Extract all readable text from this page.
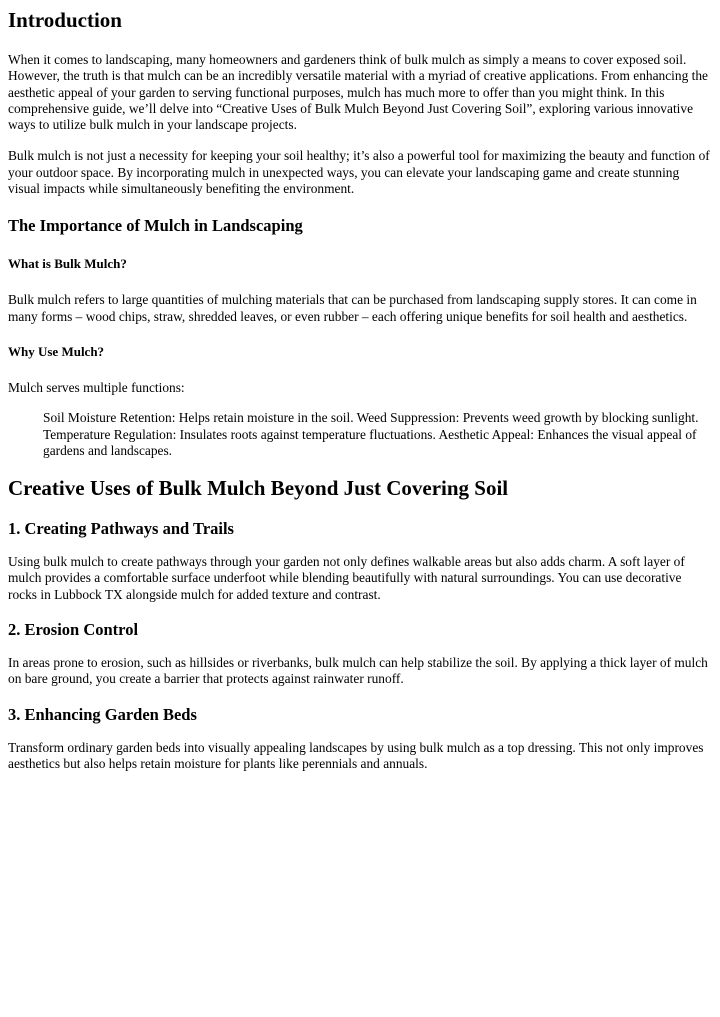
Introduction

When it comes to landscaping, many homeowners and gardeners think of bulk mulch as simply a means to cover exposed soil. However, the truth is that mulch can be an incredibly versatile material with a myriad of creative applications. From enhancing the aesthetic appeal of your garden to serving functional purposes, mulch has much more to offer than you might think. In this comprehensive guide, we’ll delve into “Creative Uses of Bulk Mulch Beyond Just Covering Soil”, exploring various innovative ways to utilize bulk mulch in your landscape projects.

Bulk mulch is not just a necessity for keeping your soil healthy; it’s also a powerful tool for maximizing the beauty and function of your outdoor space. By incorporating mulch in unexpected ways, you can elevate your landscaping game and create stunning visual impacts while simultaneously benefiting the environment.

The Importance of Mulch in Landscaping
What is Bulk Mulch?

Bulk mulch refers to large quantities of mulching materials that can be purchased from landscaping supply stores. It can come in many forms – wood chips, straw, shredded leaves, or even rubber – each offering unique benefits for soil health and aesthetics.

Why Use Mulch?

Mulch serves multiple functions:

Soil Moisture Retention: Helps retain moisture in the soil. Weed Suppression: Prevents weed growth by blocking sunlight. Temperature Regulation: Insulates roots against temperature fluctuations. Aesthetic Appeal: Enhances the visual appeal of gardens and landscapes.

Creative Uses of Bulk Mulch Beyond Just Covering Soil
1. Creating Pathways and Trails

Using bulk mulch to create pathways through your garden not only defines walkable areas but also adds charm. A soft layer of mulch provides a comfortable surface underfoot while blending beautifully with natural surroundings. You can use decorative rocks in Lubbock TX alongside mulch for added texture and contrast.

2. Erosion Control

In areas prone to erosion, such as hillsides or riverbanks, bulk mulch can help stabilize the soil. By applying a thick layer of mulch on bare ground, you create a barrier that protects against rainwater runoff.

3. Enhancing Garden Beds

Transform ordinary garden beds into visually appealing landscapes by using bulk mulch as a top dressing. This not only improves aesthetics but also helps retain moisture for plants like perennials and annuals.
